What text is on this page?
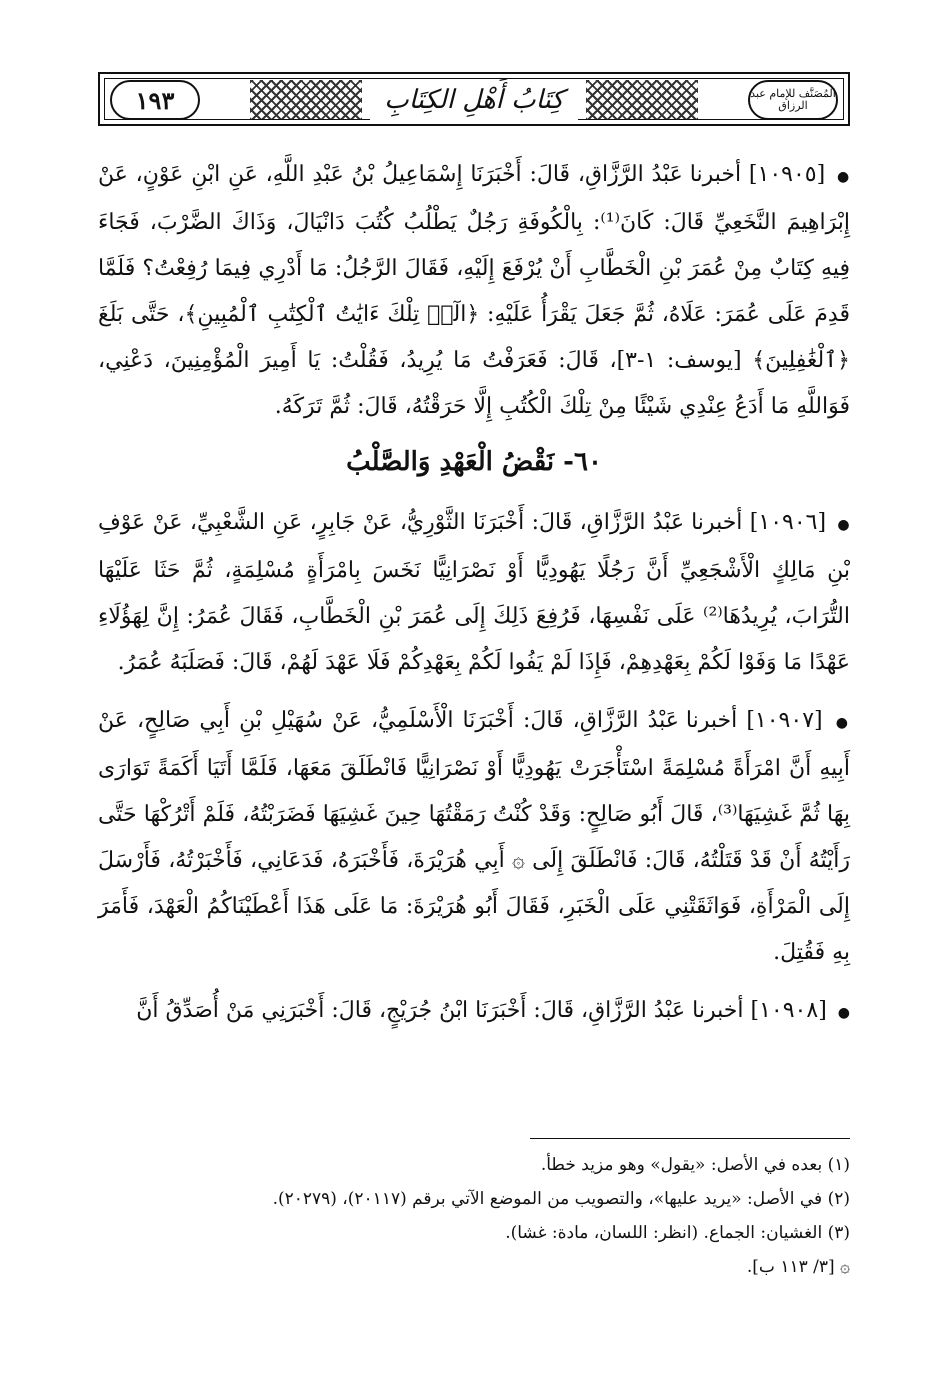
١٩٣	كِتَابُ أَهْلِ الكِتَابِ	المُصَنَّف للإمام عبد الرزاق

● [١٠٩٠٥] أخبرنا عَبْدُ الرَّزَّاقِ، قَالَ: أَخْبَرَنَا إِسْمَاعِيلُ بْنُ عَبْدِ اللَّهِ، عَنِ ابْنِ عَوْنٍ، عَنْ إِبْرَاهِيمَ النَّخَعِيِّ قَالَ: كَانَ⁽¹⁾: بِالْكُوفَةِ رَجُلٌ يَطْلُبُ كُتُبَ دَانْيَالَ، وَذَاكَ الضَّرْبَ، فَجَاءَ فِيهِ كِتَابٌ مِنْ عُمَرَ بْنِ الْخَطَّابِ أَنْ يُرْفَعَ إِلَيْهِ، فَقَالَ الرَّجُلُ: مَا أَدْرِي فِيمَا رُفِعْتُ؟ فَلَمَّا قَدِمَ عَلَى عُمَرَ: عَلَاهُ، ثُمَّ جَعَلَ يَقْرَأُ عَلَيْهِ: ﴿الٓرۚ تِلْكَ ءَايَٰتُ ٱلْكِتَٰبِ ٱلْمُبِينِ﴾، حَتَّى بَلَغَ ﴿ٱلْغَٰفِلِينَ﴾ [يوسف: ١-٣]، قَالَ: فَعَرَفْتُ مَا يُرِيدُ، فَقُلْتُ: يَا أَمِيرَ الْمُؤْمِنِينَ، دَعْنِي، فَوَاللَّهِ مَا أَدَعُ عِنْدِي شَيْئًا مِنْ تِلْكَ الْكُتُبِ إِلَّا حَرَقْتُهُ، قَالَ: ثُمَّ تَرَكَهُ.

٦٠- نَقْضُ الْعَهْدِ وَالصَّلْبُ

● [١٠٩٠٦] أخبرنا عَبْدُ الرَّزَّاقِ، قَالَ: أَخْبَرَنَا الثَّوْرِيُّ، عَنْ جَابِرٍ، عَنِ الشَّعْبِيِّ، عَنْ عَوْفِ بْنِ مَالِكٍ الْأَشْجَعِيِّ أَنَّ رَجُلًا يَهُودِيًّا أَوْ نَصْرَانِيًّا نَخَسَ بِامْرَأَةٍ مُسْلِمَةٍ، ثُمَّ حَثَا عَلَيْهَا التُّرَابَ، يُرِيدُهَا⁽²⁾ عَلَى نَفْسِهَا، فَرُفِعَ ذَلِكَ إِلَى عُمَرَ بْنِ الْخَطَّابِ، فَقَالَ عُمَرُ: إِنَّ لِهَؤُلَاءِ عَهْدًا مَا وَفَوْا لَكُمْ بِعَهْدِهِمْ، فَإِذَا لَمْ يَفُوا لَكُمْ بِعَهْدِكُمْ فَلَا عَهْدَ لَهُمْ، قَالَ: فَصَلَبَهُ عُمَرُ.

● [١٠٩٠٧] أخبرنا عَبْدُ الرَّزَّاقِ، قَالَ: أَخْبَرَنَا الْأَسْلَمِيُّ، عَنْ سُهَيْلِ بْنِ أَبِي صَالِحٍ، عَنْ أَبِيهِ أَنَّ امْرَأَةً مُسْلِمَةً اسْتَأْجَرَتْ يَهُودِيًّا أَوْ نَصْرَانِيًّا فَانْطَلَقَ مَعَهَا، فَلَمَّا أَتَيَا أَكَمَةً تَوَارَى بِهَا ثُمَّ غَشِيَهَا⁽³⁾، قَالَ أَبُو صَالِحٍ: وَقَدْ كُنْتُ رَمَقْتُهَا حِينَ غَشِيَهَا فَضَرَبْتُهُ، فَلَمْ أَتْرُكْهَا حَتَّى رَأَيْتُهُ أَنْ قَدْ قَتَلْتُهُ، قَالَ: فَانْطَلَقَ إِلَى ۞ أَبِي هُرَيْرَةَ، فَأَخْبَرَهُ، فَدَعَانِي، فَأَخْبَرْتُهُ، فَأَرْسَلَ إِلَى الْمَرْأَةِ، فَوَاثَقَتْنِي عَلَى الْخَبَرِ، فَقَالَ أَبُو هُرَيْرَةَ: مَا عَلَى هَذَا أَعْطَيْنَاكُمُ الْعَهْدَ، فَأَمَرَ بِهِ فَقُتِلَ.

● [١٠٩٠٨] أخبرنا عَبْدُ الرَّزَّاقِ، قَالَ: أَخْبَرَنَا ابْنُ جُرَيْجٍ، قَالَ: أَخْبَرَنِي مَنْ أُصَدِّقُ أَنَّ

(١) بعده في الأصل: «يقول» وهو مزيد خطأ.
(٢) في الأصل: «يريد عليها»، والتصويب من الموضع الآتي برقم (٢٠١١٧)، (٢٠٢٧٩).
(٣) الغشيان: الجماع. (انظر: اللسان، مادة: غشا).
۞ [٣/ ١١٣ ب].
